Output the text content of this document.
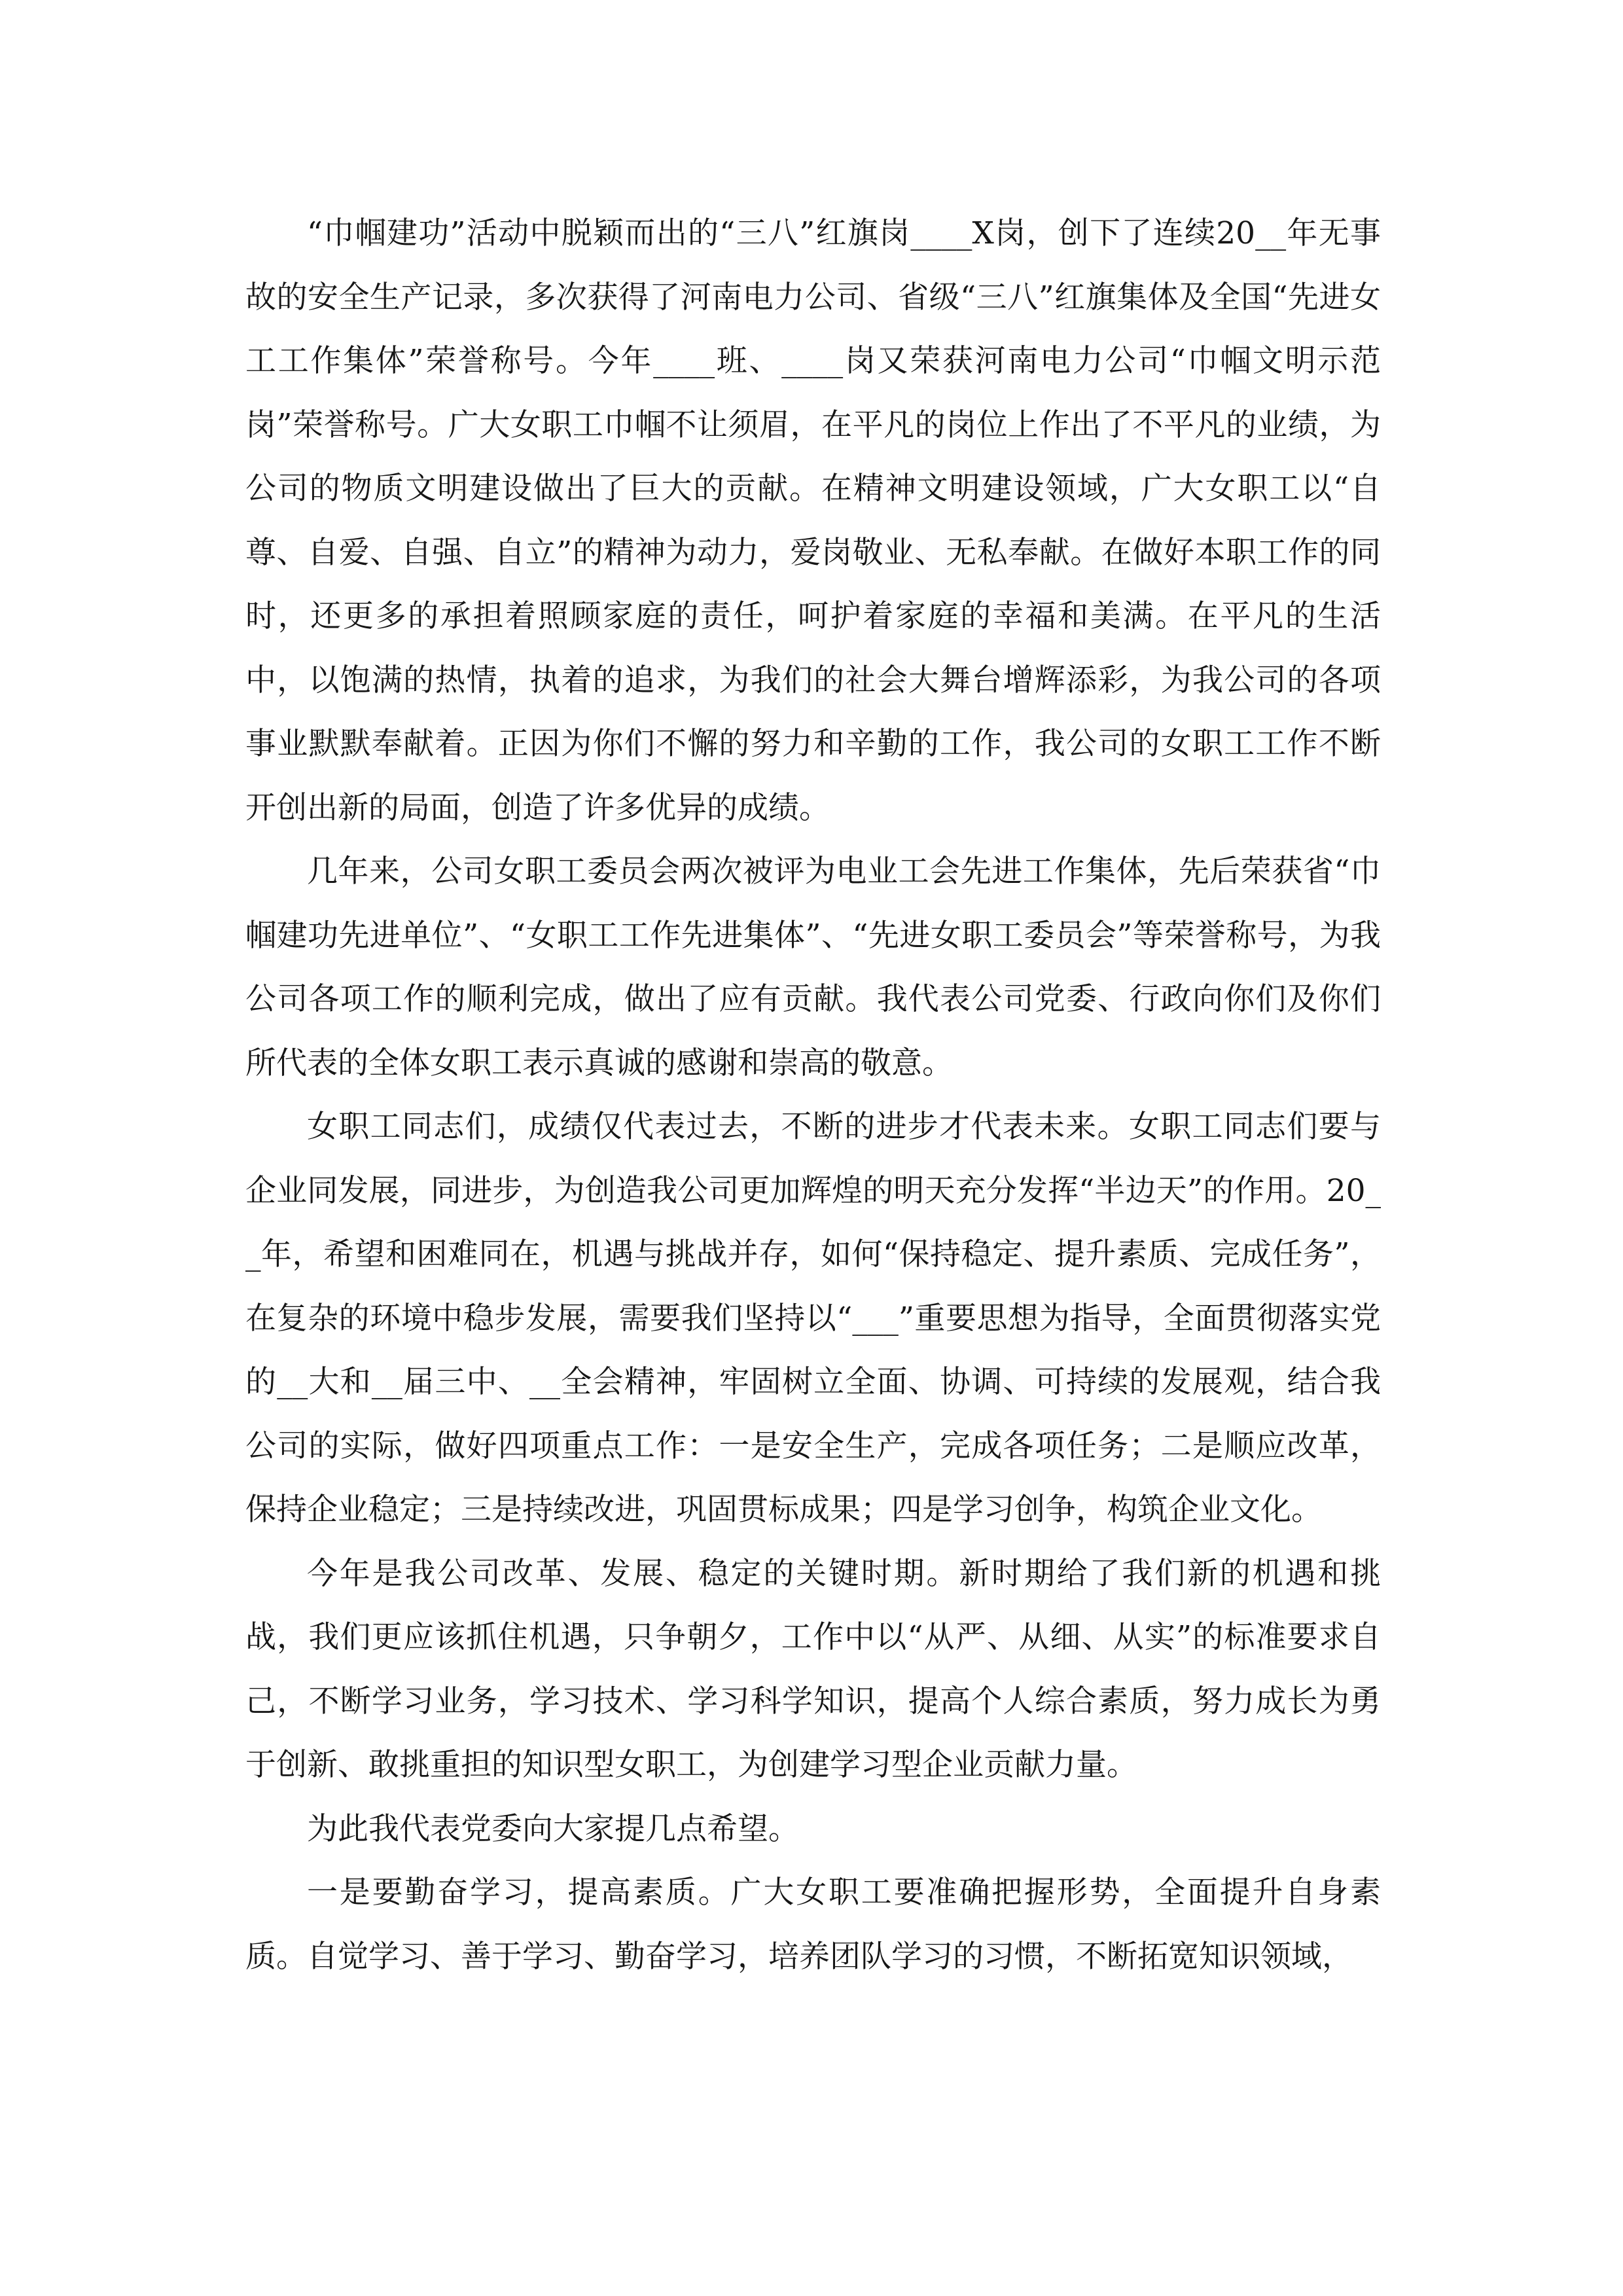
“巾帼建功”活动中脱颖而出的“三八”红旗岗____X岗，创下了连续20__年无事故的安全生产记录，多次获得了河南电力公司、省级“三八”红旗集体及全国“先进女工工作集体”荣誉称号。今年____班、____岗又荣获河南电力公司“巾帼文明示范岗”荣誉称号。广大女职工巾帼不让须眉，在平凡的岗位上作出了不平凡的业绩，为公司的物质文明建设做出了巨大的贡献。在精神文明建设领域，广大女职工以“自尊、自爱、自强、自立”的精神为动力，爱岗敬业、无私奉献。在做好本职工作的同时，还更多的承担着照顾家庭的责任，呵护着家庭的幸福和美满。在平凡的生活中，以饱满的热情，执着的追求，为我们的社会大舞台增辉添彩，为我公司的各项事业默默奉献着。正因为你们不懈的努力和辛勤的工作，我公司的女职工工作不断开创出新的局面，创造了许多优异的成绩。

几年来，公司女职工委员会两次被评为电业工会先进工作集体，先后荣获省“巾帼建功先进单位”、“女职工工作先进集体”、“先进女职工委员会”等荣誉称号，为我公司各项工作的顺利完成，做出了应有贡献。我代表公司党委、行政向你们及你们所代表的全体女职工表示真诚的感谢和崇高的敬意。

女职工同志们，成绩仅代表过去，不断的进步才代表未来。女职工同志们要与企业同发展，同进步，为创造我公司更加辉煌的明天充分发挥“半边天”的作用。20__年，希望和困难同在，机遇与挑战并存，如何“保持稳定、提升素质、完成任务”，在复杂的环境中稳步发展，需要我们坚持以“___”重要思想为指导，全面贯彻落实党的__大和__届三中、__全会精神，牢固树立全面、协调、可持续的发展观，结合我公司的实际，做好四项重点工作：一是安全生产，完成各项任务；二是顺应改革，保持企业稳定；三是持续改进，巩固贯标成果；四是学习创争，构筑企业文化。

今年是我公司改革、发展、稳定的关键时期。新时期给了我们新的机遇和挑战，我们更应该抓住机遇，只争朝夕，工作中以“从严、从细、从实”的标准要求自己，不断学习业务，学习技术、学习科学知识，提高个人综合素质，努力成长为勇于创新、敢挑重担的知识型女职工，为创建学习型企业贡献力量。

为此我代表党委向大家提几点希望。

一是要勤奋学习，提高素质。广大女职工要准确把握形势，全面提升自身素质。自觉学习、善于学习、勤奋学习，培养团队学习的习惯，不断拓宽知识领域，
